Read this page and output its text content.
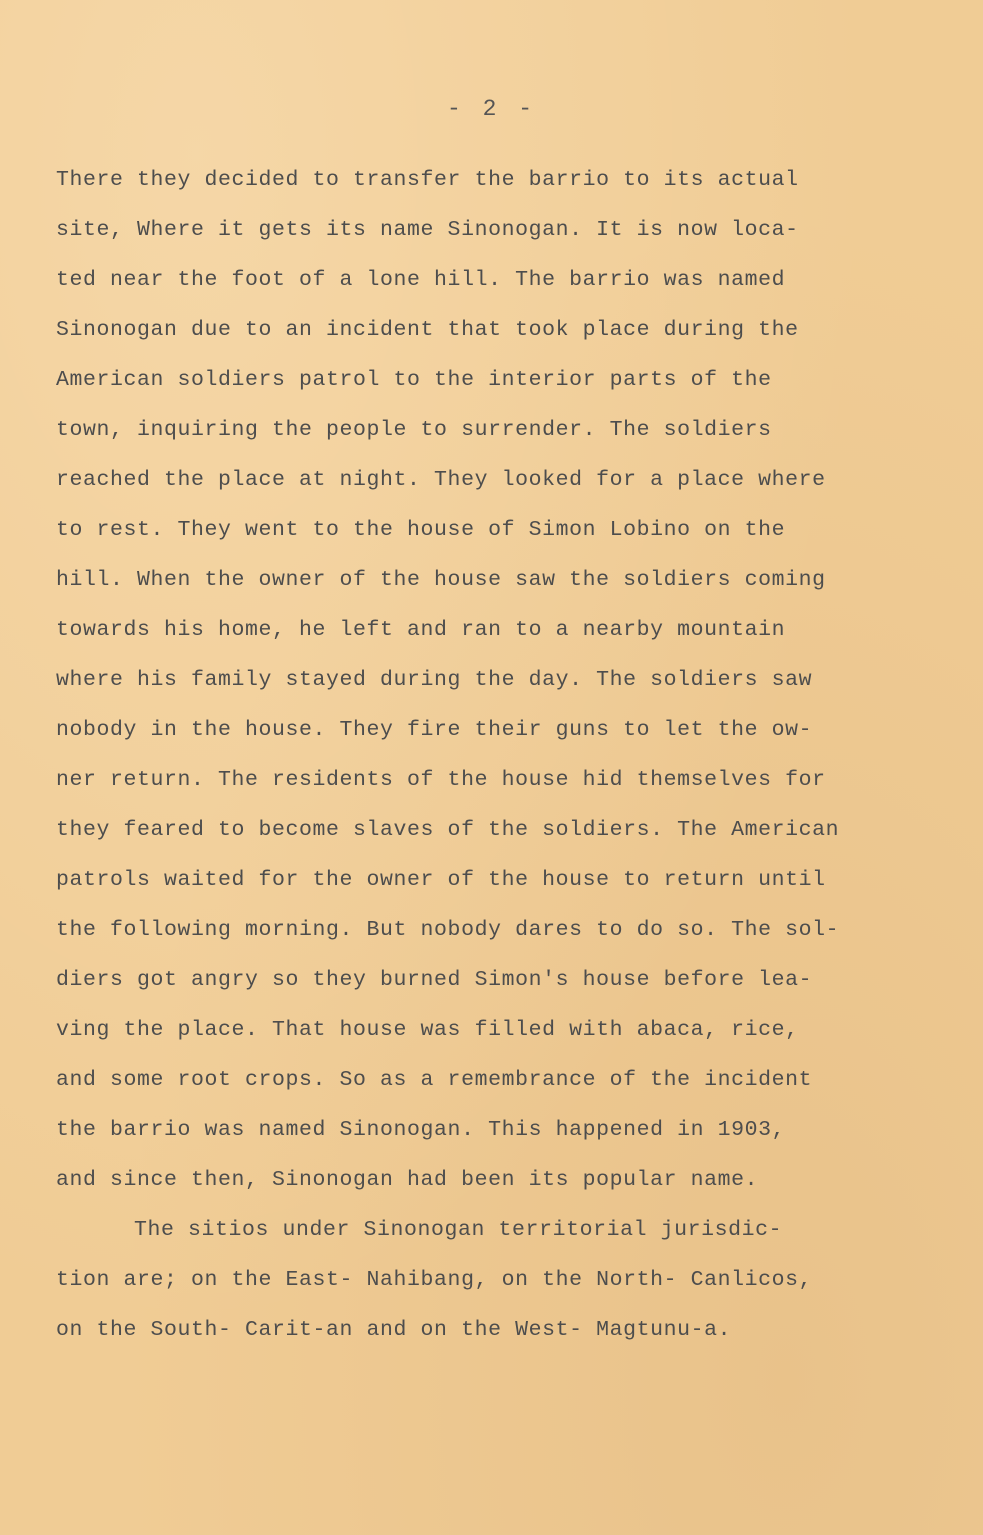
- 2 -
There they decided to transfer the barrio to its actual
site, Where it gets its name Sinonogan. It is now loca-
ted near the foot of a lone hill. The barrio was named
Sinonogan due to an incident that took place during the
American soldiers patrol to the interior parts of the
town, inquiring the people to surrender. The soldiers
reached the place at night. They looked for a place where
to rest. They went to the house of Simon Lobino on the
hill. When the owner of the house saw the soldiers coming
towards his home, he left and ran to a nearby mountain
where his family stayed during the day. The soldiers saw
nobody in the house. They fire their guns to let the ow-
ner return. The residents of the house hid themselves for
they feared to become slaves of the soldiers. The American
patrols waited for the owner of the house to return until
the following morning. But nobody dares to do so. The sol-
diers got angry so they burned Simon's house before lea-
ving the place. That house was filled with abaca, rice,
and some root crops. So as a remembrance of the incident
the barrio was named Sinonogan. This happened in 1903,
and since then, Sinonogan had been its popular name.
The sitios under Sinonogan territorial jurisdic-
tion are; on the East- Nahibang, on the North- Canlicos,
on the South- Carit-an and on the West- Magtunu-a.
